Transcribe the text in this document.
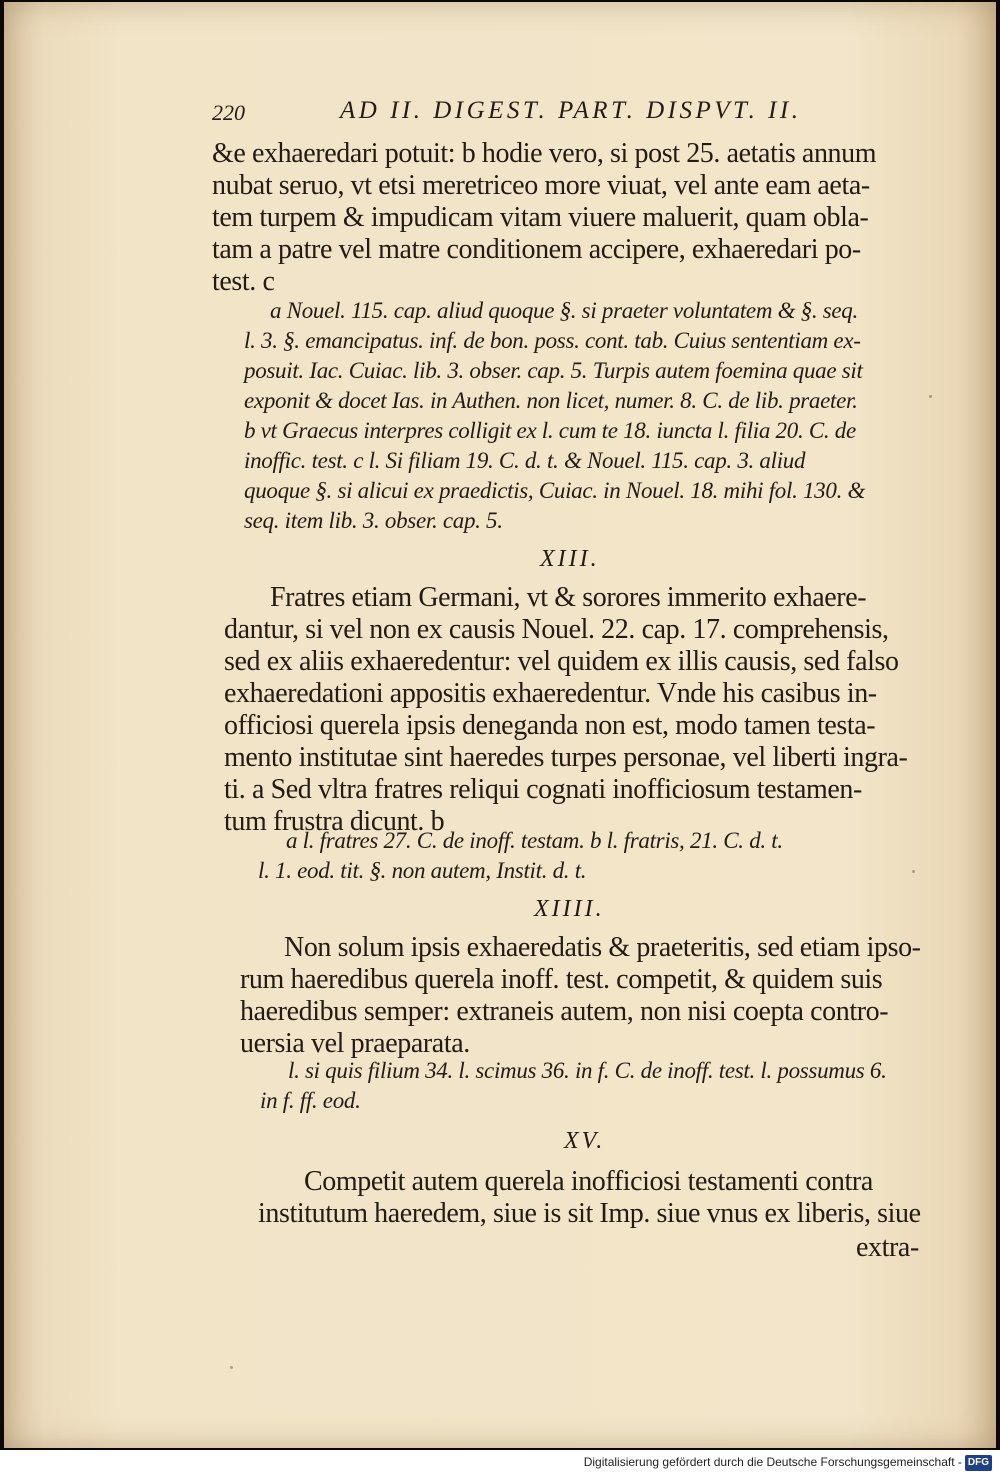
220	AD II. DIGEST. PART. DISPVT. II.
&e exhaeredari potuit: b hodie vero, si post 25. aetatis annum
nubat seruo, vt etsi meretriceo more viuat, vel ante eam aeta-
tem turpem & impudicam vitam viuere maluerit, quam obla-
tam a patre vel matre conditionem accipere, exhaeredari po-
test. c
a Nouel. 115. cap. aliud quoque §. si praeter voluntatem & §. seq.
l. 3. §. emancipatus. inf. de bon. poss. cont. tab. Cuius sententiam ex-
posuit. Iac. Cuiac. lib. 3. obser. cap. 5. Turpis autem foemina quae sit
exponit & docet Ias. in Authen. non licet, numer. 8. C. de lib. praeter.
b vt Graecus interpres colligit ex l. cum te 18. iuncta l. filia 20. C. de
inoffic. test. c l. Si filiam 19. C. d. t. & Nouel. 115. cap. 3. aliud
quoque §. si alicui ex praedictis, Cuiac. in Nouel. 18. mihi fol. 130. &
seq. item lib. 3. obser. cap. 5.
XIII.
Fratres etiam Germani, vt & sorores immerito exhaere-
dantur, si vel non ex causis Nouel. 22. cap. 17. comprehensis,
sed ex aliis exhaeredentur: vel quidem ex illis causis, sed falso
exhaeredationi appositis exhaeredentur. Vnde his casibus in-
officiosi querela ipsis deneganda non est, modo tamen testa-
mento institutae sint haeredes turpes personae, vel liberti ingra-
ti. a Sed vltra fratres reliqui cognati inofficiosum testamen-
tum frustra dicunt. b
a l. fratres 27. C. de inoff. testam. b l. fratris, 21. C. d. t.
l. 1. eod. tit. §. non autem, Instit. d. t.
XIIII.
Non solum ipsis exhaeredatis & praeteritis, sed etiam ipso-
rum haeredibus querela inoff. test. competit, & quidem suis
haeredibus semper: extraneis autem, non nisi coepta contro-
uersia vel praeparata.
l. si quis filium 34. l. scimus 36. in f. C. de inoff. test. l. possumus 6.
in f. ff. eod.
XV.
Competit autem querela inofficiosi testamenti contra
institutum haeredem, siue is sit Imp. siue vnus ex liberis, siue
extra-
Digitalisierung gefördert durch die Deutsche Forschungsgemeinschaft - DFG
